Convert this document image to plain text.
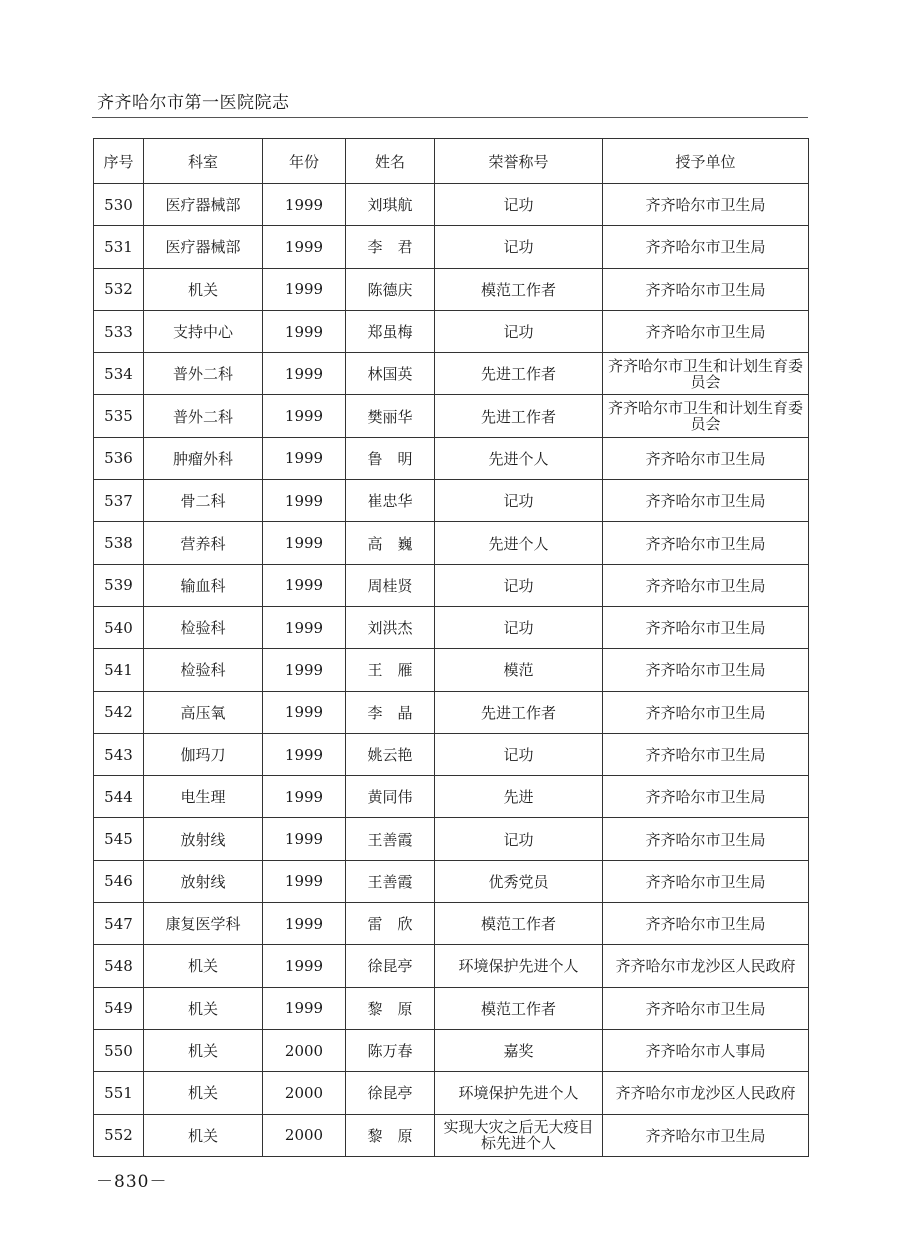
齐齐哈尔市第一医院院志
序号	科室	年份	姓名	荣誉称号	授予单位
530	医疗器械部	1999	刘琪航	记功	齐齐哈尔市卫生局
531	医疗器械部	1999	李　君	记功	齐齐哈尔市卫生局
532	机关	1999	陈德庆	模范工作者	齐齐哈尔市卫生局
533	支持中心	1999	郑虽梅	记功	齐齐哈尔市卫生局
534	普外二科	1999	林国英	先进工作者	齐齐哈尔市卫生和计划生育委员会
535	普外二科	1999	樊丽华	先进工作者	齐齐哈尔市卫生和计划生育委员会
536	肿瘤外科	1999	鲁　明	先进个人	齐齐哈尔市卫生局
537	骨二科	1999	崔忠华	记功	齐齐哈尔市卫生局
538	营养科	1999	高　巍	先进个人	齐齐哈尔市卫生局
539	输血科	1999	周桂贤	记功	齐齐哈尔市卫生局
540	检验科	1999	刘洪杰	记功	齐齐哈尔市卫生局
541	检验科	1999	王　雁	模范	齐齐哈尔市卫生局
542	高压氧	1999	李　晶	先进工作者	齐齐哈尔市卫生局
543	伽玛刀	1999	姚云艳	记功	齐齐哈尔市卫生局
544	电生理	1999	黄同伟	先进	齐齐哈尔市卫生局
545	放射线	1999	王善霞	记功	齐齐哈尔市卫生局
546	放射线	1999	王善霞	优秀党员	齐齐哈尔市卫生局
547	康复医学科	1999	雷　欣	模范工作者	齐齐哈尔市卫生局
548	机关	1999	徐昆亭	环境保护先进个人	齐齐哈尔市龙沙区人民政府
549	机关	1999	黎　原	模范工作者	齐齐哈尔市卫生局
550	机关	2000	陈万春	嘉奖	齐齐哈尔市人事局
551	机关	2000	徐昆亭	环境保护先进个人	齐齐哈尔市龙沙区人民政府
552	机关	2000	黎　原	实现大灾之后无大疫目标先进个人	齐齐哈尔市卫生局
－830－
